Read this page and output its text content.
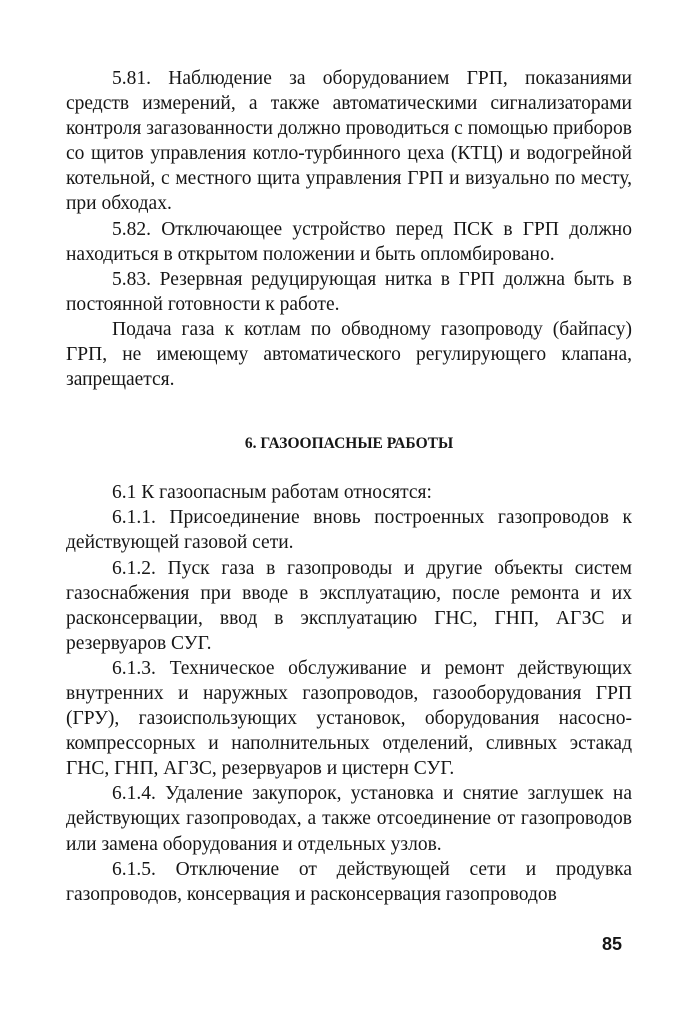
5.81. Наблюдение за оборудованием ГРП, показаниями средств измерений, а также автоматическими сигнализаторами контроля загазованности должно проводиться с помощью приборов со щитов управления котло-турбинного цеха (КТЦ) и водогрейной котельной, с местного щита управления ГРП и визуально по месту, при обходах.

5.82. Отключающее устройство перед ПСК в ГРП должно находиться в открытом положении и быть опломбировано.

5.83. Резервная редуцирующая нитка в ГРП должна быть в постоянной готовности к работе.

Подача газа к котлам по обводному газопроводу (байпасу) ГРП, не имеющему автоматического регулирующего клапана, запрещается.

6. ГАЗООПАСНЫЕ РАБОТЫ

6.1 К газоопасным работам относятся:

6.1.1. Присоединение вновь построенных газопроводов к действующей газовой сети.

6.1.2. Пуск газа в газопроводы и другие объекты систем газоснабжения при вводе в эксплуатацию, после ремонта и их расконсервации, ввод в эксплуатацию ГНС, ГНП, АГЗС и резервуаров СУГ.

6.1.3. Техническое обслуживание и ремонт действующих внутренних и наружных газопроводов, газооборудования ГРП (ГРУ), газоиспользующих установок, оборудования насосно-компрессорных и наполнительных отделений, сливных эстакад ГНС, ГНП, АГЗС, резервуаров и цистерн СУГ.

6.1.4. Удаление закупорок, установка и снятие заглушек на действующих газопроводах, а также отсоединение от газопроводов или замена оборудования и отдельных узлов.

6.1.5. Отключение от действующей сети и продувка газопроводов, консервация и расконсервация газопроводов

85
